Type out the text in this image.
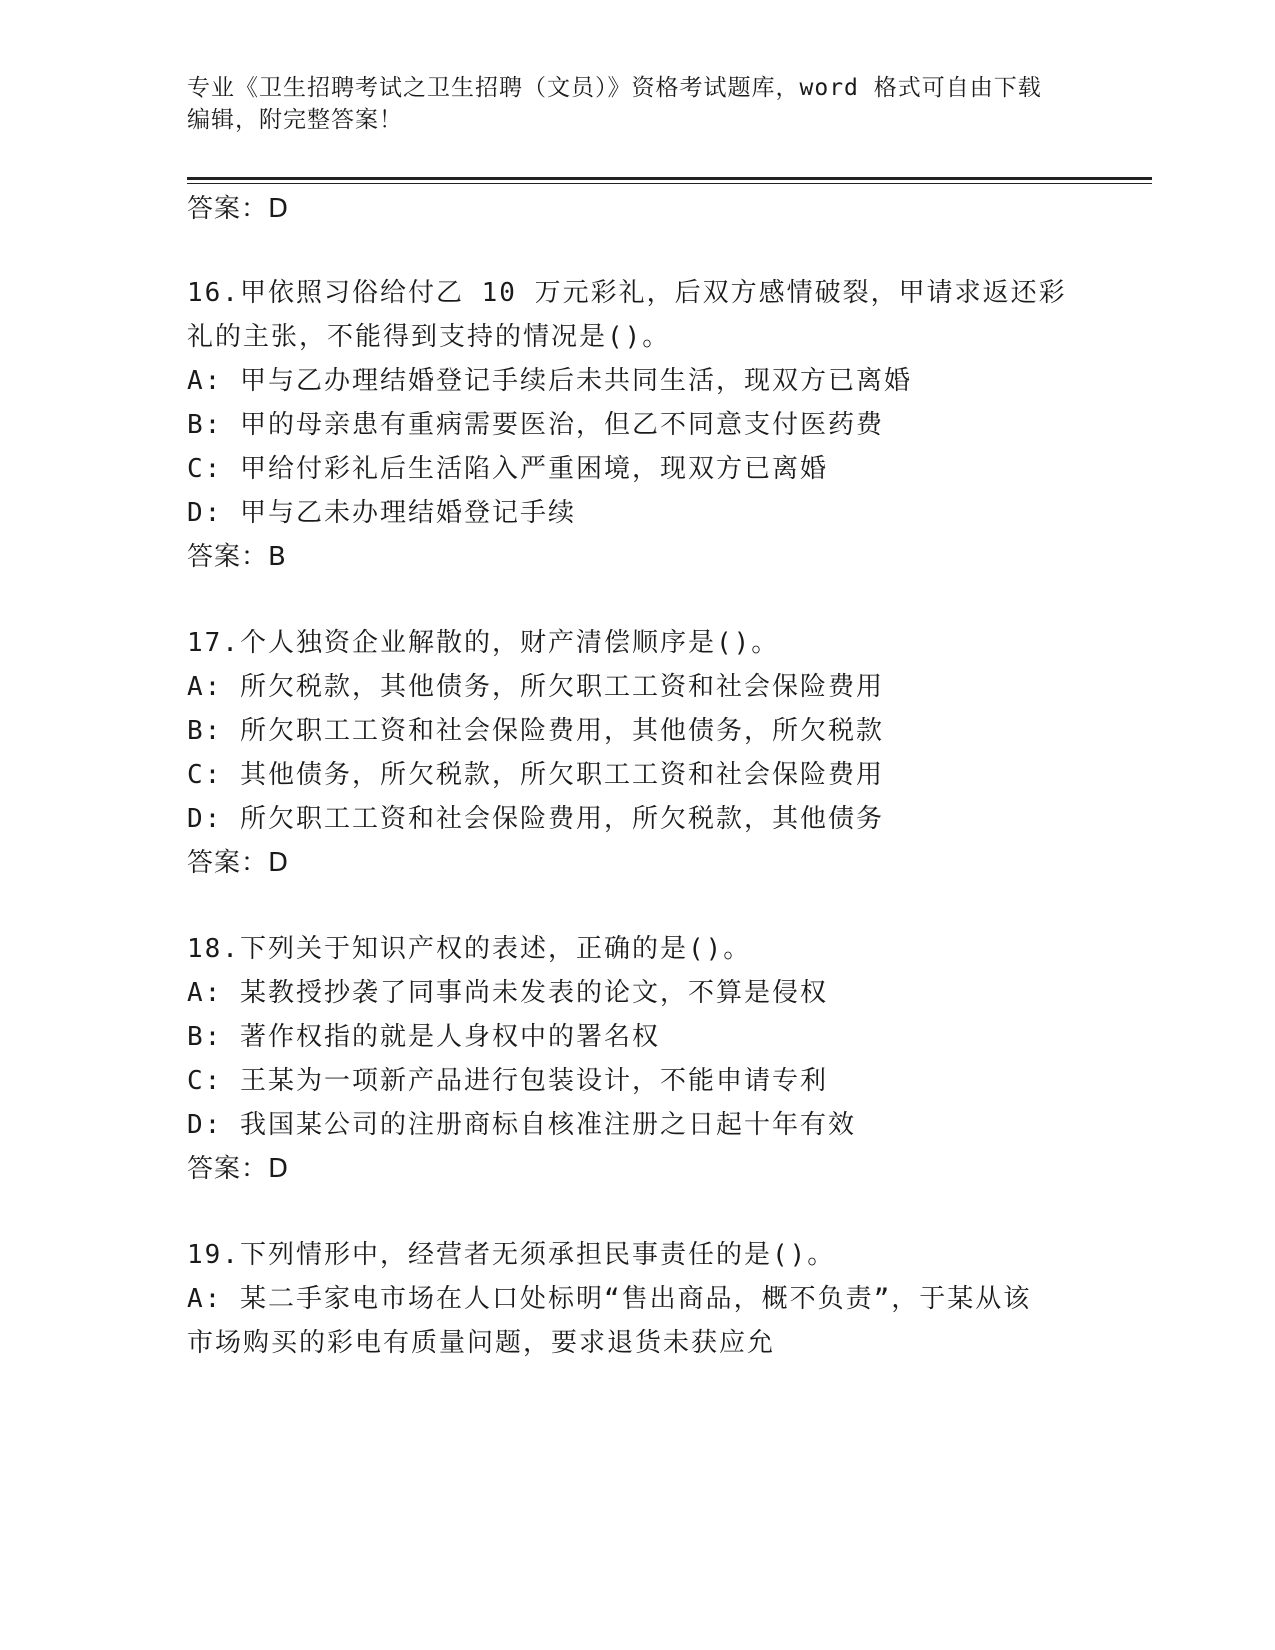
专业《卫生招聘考试之卫生招聘（文员）》资格考试题库，word 格式可自由下载
编辑，附完整答案！
答案：D
16.甲依照习俗给付乙 10 万元彩礼，后双方感情破裂，甲请求返还彩
礼的主张，不能得到支持的情况是()。
A: 甲与乙办理结婚登记手续后未共同生活，现双方已离婚
B: 甲的母亲患有重病需要医治，但乙不同意支付医药费
C: 甲给付彩礼后生活陷入严重困境，现双方已离婚
D: 甲与乙未办理结婚登记手续
答案：B
17.个人独资企业解散的，财产清偿顺序是()。
A: 所欠税款，其他债务，所欠职工工资和社会保险费用
B: 所欠职工工资和社会保险费用，其他债务，所欠税款
C: 其他债务，所欠税款，所欠职工工资和社会保险费用
D: 所欠职工工资和社会保险费用，所欠税款，其他债务
答案：D
18.下列关于知识产权的表述，正确的是()。
A: 某教授抄袭了同事尚未发表的论文，不算是侵权
B: 著作权指的就是人身权中的署名权
C: 王某为一项新产品进行包装设计，不能申请专利
D: 我国某公司的注册商标自核准注册之日起十年有效
答案：D
19.下列情形中，经营者无须承担民事责任的是()。
A: 某二手家电市场在人口处标明“售出商品，概不负责”，于某从该
市场购买的彩电有质量问题，要求退货未获应允
